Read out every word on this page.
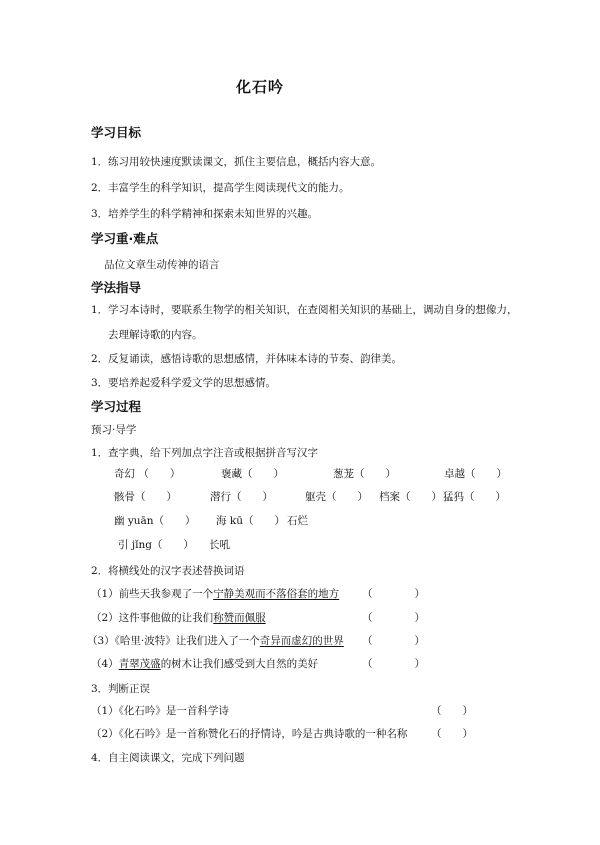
化石吟
学习目标
1． 练习用较快速度默读课文，抓住主要信息，概括内容大意。
2． 丰富学生的科学知识，提高学生阅读现代文的能力。
3． 培养学生的科学精神和探索未知世界的兴趣。
学习重·难点
品位文章生动传神的语言
学法指导
1． 学习本诗时，要联系生物学的相关知识，在查阅相关知识的基础上，调动自身的想像力，
去理解诗歌的内容。
2． 反复诵读，感悟诗歌的思想感情，并体味本诗的节奏、韵律美。
3． 要培养起爱科学爱文学的思想感情。
学习过程
预习·导学
1． 查字典，给下列加点字注音或根据拼音写汉字
奇幻 （　　）	褒藏（　　）	葱茏（　　）	卓越（　　）
骸骨（　　）	潜行（　　）	躯壳（　　） 档案（　　） 猛犸（　　）
幽 yuān（　　） 海 kū（　　） 石烂
引 jǐng（　　） 长吼
2． 将横线处的汉字表述替换词语
（1）前些天我参观了一个宁静美观而不落俗套的地方 （　　　　）
（2）这件事他做的让我们称赞而佩服	（　　　　）
（3）《哈里·波特》让我们进入了一个奇异而虚幻的世界 （　　　　）
（4）青翠茂盛的树木让我们感受到大自然的美好	（　　　　）
3． 判断正误
（1）《化石吟》是一首科学诗	（　　）
（2）《化石吟》是一首称赞化石的抒情诗，吟是古典诗歌的一种名称 （　　）
4． 自主阅读课文，完成下列问题
